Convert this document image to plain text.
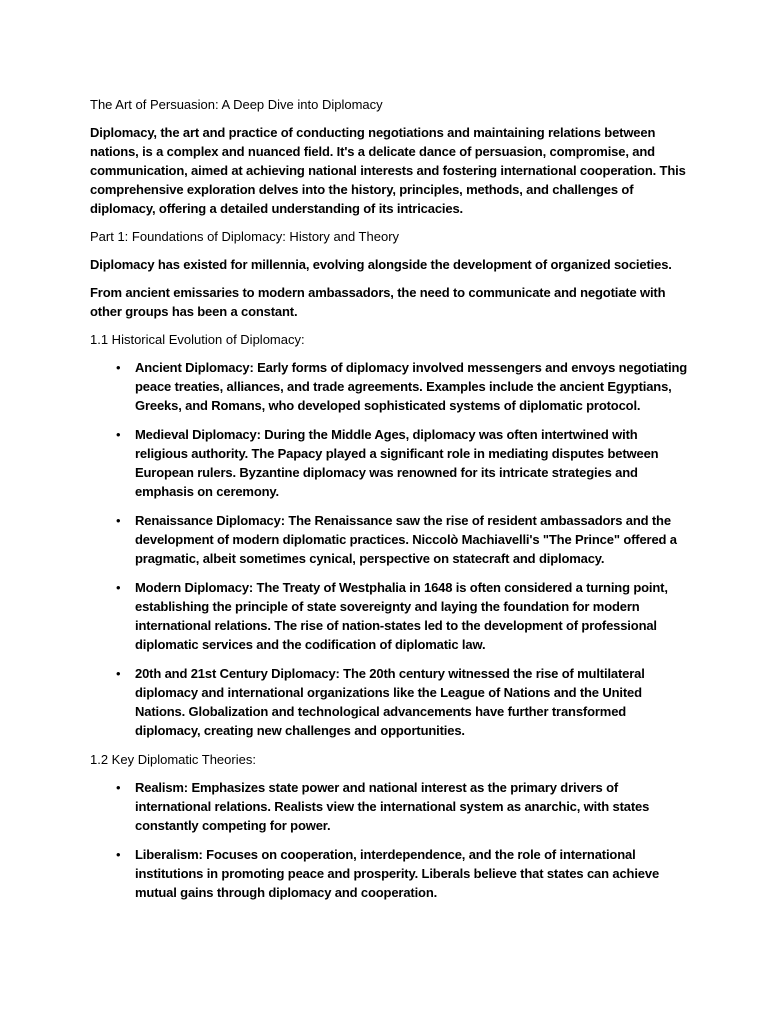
The Art of Persuasion: A Deep Dive into Diplomacy

Diplomacy, the art and practice of conducting negotiations and maintaining relations between nations, is a complex and nuanced field. It's a delicate dance of persuasion, compromise, and communication, aimed at achieving national interests and fostering international cooperation. This comprehensive exploration delves into the history, principles, methods, and challenges of diplomacy, offering a detailed understanding of its intricacies.

Part 1: Foundations of Diplomacy: History and Theory

Diplomacy has existed for millennia, evolving alongside the development of organized societies.

From ancient emissaries to modern ambassadors, the need to communicate and negotiate with other groups has been a constant.

1.1 Historical Evolution of Diplomacy:

• Ancient Diplomacy: Early forms of diplomacy involved messengers and envoys negotiating peace treaties, alliances, and trade agreements. Examples include the ancient Egyptians, Greeks, and Romans, who developed sophisticated systems of diplomatic protocol.
• Medieval Diplomacy: During the Middle Ages, diplomacy was often intertwined with religious authority. The Papacy played a significant role in mediating disputes between European rulers. Byzantine diplomacy was renowned for its intricate strategies and emphasis on ceremony.
• Renaissance Diplomacy: The Renaissance saw the rise of resident ambassadors and the development of modern diplomatic practices. Niccolò Machiavelli's "The Prince" offered a pragmatic, albeit sometimes cynical, perspective on statecraft and diplomacy.
• Modern Diplomacy: The Treaty of Westphalia in 1648 is often considered a turning point, establishing the principle of state sovereignty and laying the foundation for modern international relations. The rise of nation-states led to the development of professional diplomatic services and the codification of diplomatic law.
• 20th and 21st Century Diplomacy: The 20th century witnessed the rise of multilateral diplomacy and international organizations like the League of Nations and the United Nations. Globalization and technological advancements have further transformed diplomacy, creating new challenges and opportunities.

1.2 Key Diplomatic Theories:

• Realism: Emphasizes state power and national interest as the primary drivers of international relations. Realists view the international system as anarchic, with states constantly competing for power.
• Liberalism: Focuses on cooperation, interdependence, and the role of international institutions in promoting peace and prosperity. Liberals believe that states can achieve mutual gains through diplomacy and cooperation.
